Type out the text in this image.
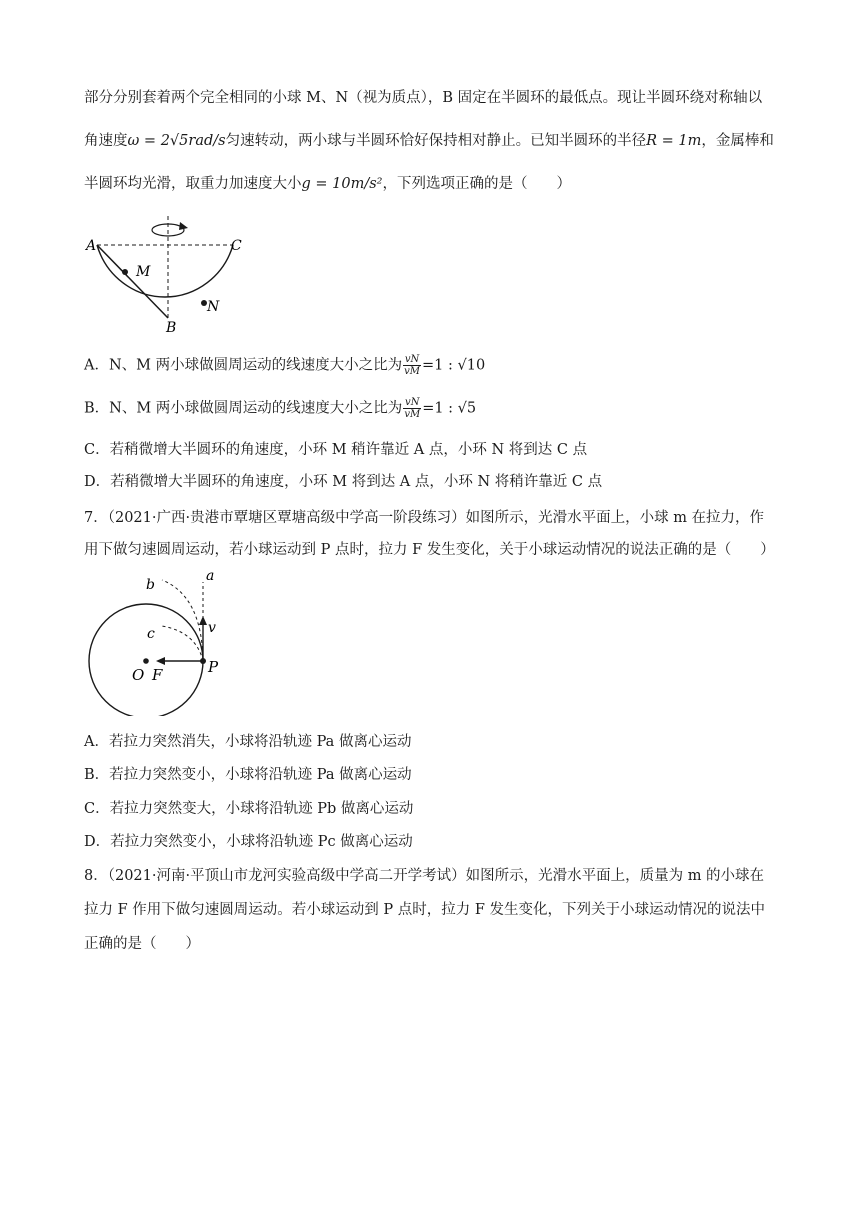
部分分别套着两个完全相同的小球 M、N（视为质点），B 固定在半圆环的最低点。现让半圆环绕对称轴以
角速度ω = 2√5rad/s匀速转动，两小球与半圆环恰好保持相对静止。已知半圆环的半径R = 1m，金属棒和
半圆环均光滑，取重力加速度大小g = 10m/s²，下列选项正确的是（　　）
A	C
M
N
B
A．N、M 两小球做圆周运动的线速度大小之比为 $\frac{vN}{vM} =1$ : √10
B．N、M 两小球做圆周运动的线速度大小之比为 $\frac{vN}{vM} =1$ : √5
C．若稍微增大半圆环的角速度，小环 M 稍许靠近 A 点，小环 N 将到达 C 点
D．若稍微增大半圆环的角速度，小环 M 将到达 A 点，小环 N 将稍许靠近 C 点
7．（2021·广西·贵港市覃塘区覃塘高级中学高一阶段练习）如图所示，光滑水平面上，小球 m 在拉力，作
用下做匀速圆周运动，若小球运动到 P 点时，拉力 F 发生变化，关于小球运动情况的说法正确的是（　　）
a
b
c	v
O F	P
A．若拉力突然消失，小球将沿轨迹 Pa 做离心运动
B．若拉力突然变小，小球将沿轨迹 Pa 做离心运动
C．若拉力突然变大，小球将沿轨迹 Pb 做离心运动
D．若拉力突然变小，小球将沿轨迹 Pc 做离心运动
8．（2021·河南·平顶山市龙河实验高级中学高二开学考试）如图所示，光滑水平面上，质量为 m 的小球在
拉力 F 作用下做匀速圆周运动。若小球运动到 P 点时，拉力 F 发生变化，下列关于小球运动情况的说法中
正确的是（　　）
